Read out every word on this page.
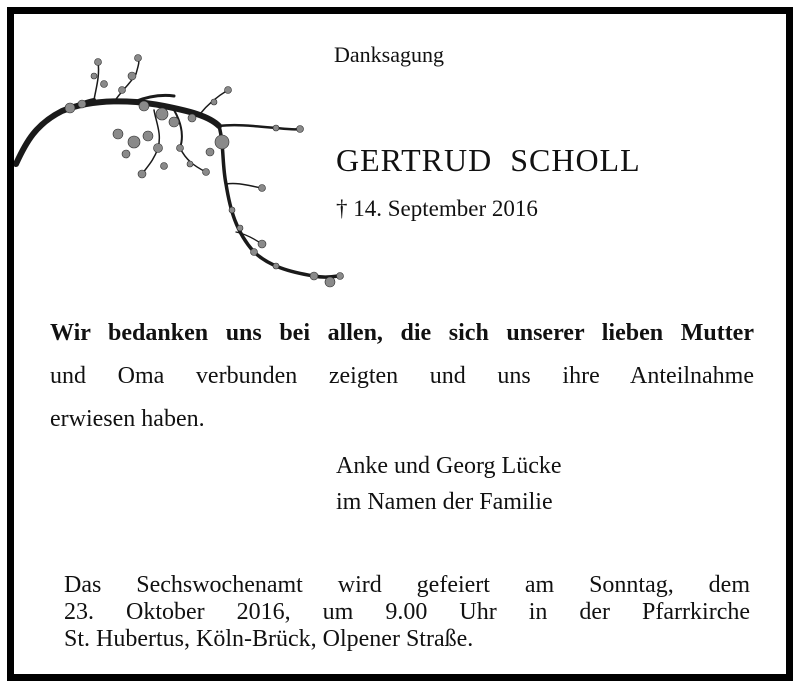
Danksagung
GERTRUD  SCHOLL
† 14. September 2016
Wir bedanken uns bei allen, die sich unserer lieben Mutter
und Oma verbunden zeigten und uns ihre Anteilnahme
erwiesen haben.
Anke und Georg Lücke
im Namen der Familie
Das Sechswochenamt wird gefeiert am Sonntag, dem
23. Oktober 2016, um 9.00 Uhr in der Pfarrkirche
St. Hubertus, Köln-Brück, Olpener Straße.
